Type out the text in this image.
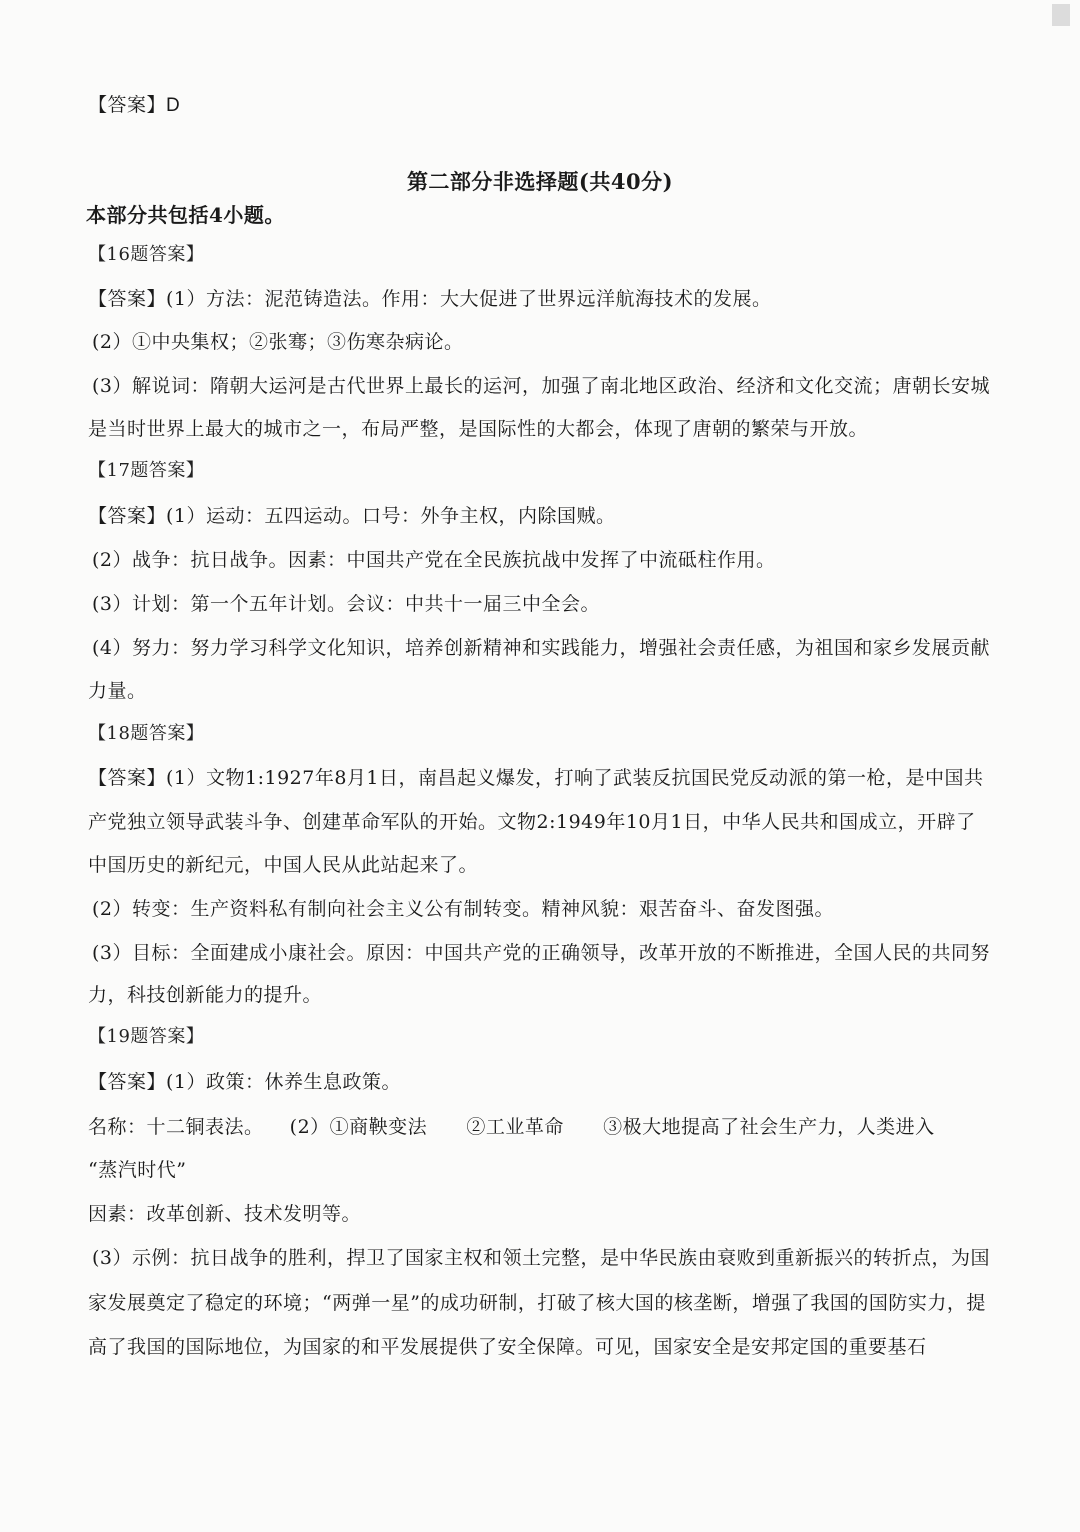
【答案】D
第二部分非选择题(共40分)
本部分共包括4小题。
【16题答案】
【答案】(1）方法：泥范铸造法。作用：大大促进了世界远洋航海技术的发展。
(2）①中央集权；②张骞；③伤寒杂病论。
(3）解说词：隋朝大运河是古代世界上最长的运河，加强了南北地区政治、经济和文化交流；唐朝长安城
是当时世界上最大的城市之一，布局严整，是国际性的大都会，体现了唐朝的繁荣与开放。
【17题答案】
【答案】(1）运动：五四运动。口号：外争主权，内除国贼。
(2）战争：抗日战争。因素：中国共产党在全民族抗战中发挥了中流砥柱作用。
(3）计划：第一个五年计划。会议：中共十一届三中全会。
(4）努力：努力学习科学文化知识，培养创新精神和实践能力，增强社会责任感，为祖国和家乡发展贡献
力量。
【18题答案】
【答案】(1）文物1:1927年8月1日，南昌起义爆发，打响了武装反抗国民党反动派的第一枪，是中国共
产党独立领导武装斗争、创建革命军队的开始。文物2:1949年10月1日，中华人民共和国成立，开辟了
中国历史的新纪元，中国人民从此站起来了。
(2）转变：生产资料私有制向社会主义公有制转变。精神风貌：艰苦奋斗、奋发图强。
(3）目标：全面建成小康社会。原因：中国共产党的正确领导，改革开放的不断推进，全国人民的共同努
力，科技创新能力的提升。
【19题答案】
【答案】(1）政策：休养生息政策。
名称：十二铜表法。    (2）①商鞅变法      ②工业革命      ③极大地提高了社会生产力，人类进入
“蒸汽时代”
因素：改革创新、技术发明等。
(3）示例：抗日战争的胜利，捍卫了国家主权和领土完整，是中华民族由衰败到重新振兴的转折点，为国
家发展奠定了稳定的环境；“两弹一星”的成功研制，打破了核大国的核垄断，增强了我国的国防实力，提
高了我国的国际地位，为国家的和平发展提供了安全保障。可见，国家安全是安邦定国的重要基石
